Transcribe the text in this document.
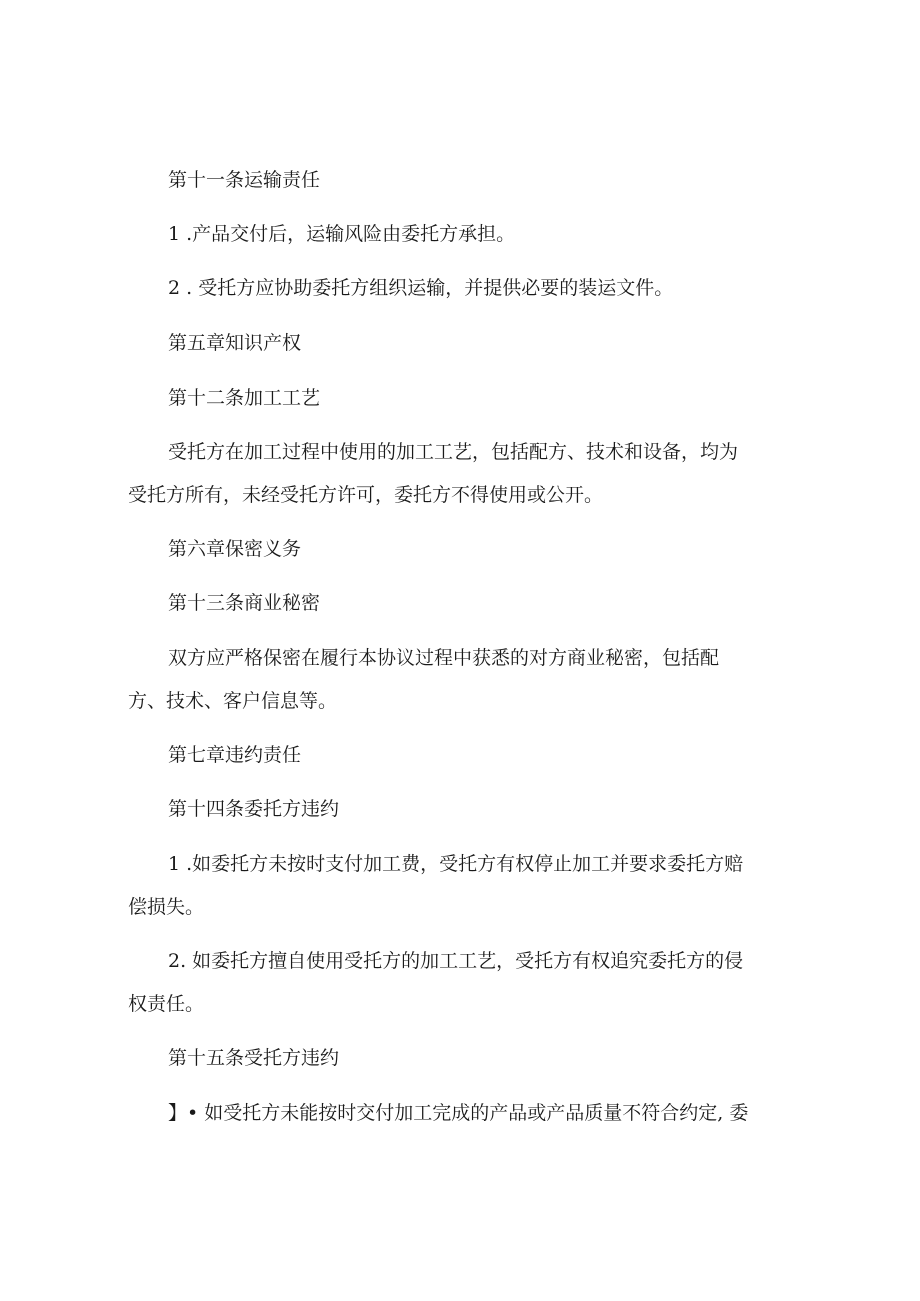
第十一条运输责任
1 .产品交付后，运输风险由委托方承担。
2 . 受托方应协助委托方组织运输，并提供必要的装运文件。
第五章知识产权
第十二条加工工艺
受托方在加工过程中使用的加工工艺，包括配方、技术和设备，均为
受托方所有，未经受托方许可，委托方不得使用或公开。
第六章保密义务
第十三条商业秘密
双方应严格保密在履行本协议过程中获悉的对方商业秘密，包括配
方、技术、客户信息等。
第七章违约责任
第十四条委托方违约
1 .如委托方未按时支付加工费，受托方有权停止加工并要求委托方赔
偿损失。
2. 如委托方擅自使用受托方的加工工艺，受托方有权追究委托方的侵
权责任。
第十五条受托方违约
】• 如受托方未能按时交付加工完成的产品或产品质量不符合约定, 委
